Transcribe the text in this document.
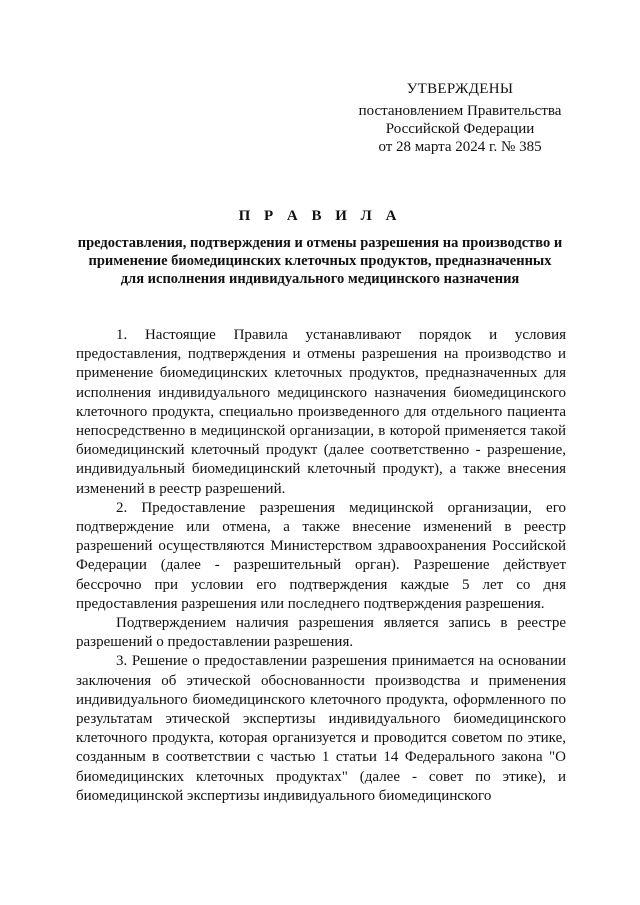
УТВЕРЖДЕНЫ
постановлением Правительства
Российской Федерации
от 28 марта 2024 г. № 385
П Р А В И Л А
предоставления, подтверждения и отмены разрешения на производство и применение биомедицинских клеточных продуктов, предназначенных для исполнения индивидуального медицинского назначения

1. Настоящие Правила устанавливают порядок и условия предоставления, подтверждения и отмены разрешения на производство и применение биомедицинских клеточных продуктов, предназначенных для исполнения индивидуального медицинского назначения биомедицинского клеточного продукта, специально произведенного для отдельного пациента непосредственно в медицинской организации, в которой применяется такой биомедицинский клеточный продукт (далее соответственно - разрешение, индивидуальный биомедицинский клеточный продукт), а также внесения изменений в реестр разрешений.

2. Предоставление разрешения медицинской организации, его подтверждение или отмена, а также внесение изменений в реестр разрешений осуществляются Министерством здравоохранения Российской Федерации (далее - разрешительный орган). Разрешение действует бессрочно при условии его подтверждения каждые 5 лет со дня предоставления разрешения или последнего подтверждения разрешения.

Подтверждением наличия разрешения является запись в реестре разрешений о предоставлении разрешения.

3. Решение о предоставлении разрешения принимается на основании заключения об этической обоснованности производства и применения индивидуального биомедицинского клеточного продукта, оформленного по результатам этической экспертизы индивидуального биомедицинского клеточного продукта, которая организуется и проводится советом по этике, созданным в соответствии с частью 1 статьи 14 Федерального закона "О биомедицинских клеточных продуктах" (далее - совет по этике), и биомедицинской экспертизы индивидуального биомедицинского
